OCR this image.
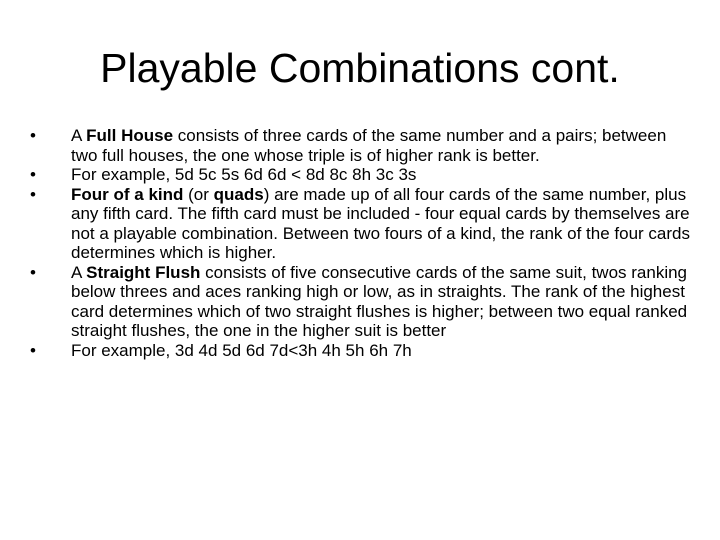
Playable Combinations cont.
•	A Full House consists of three cards of the same number and a pairs; between two full houses, the one whose triple is of higher rank is better.
•	For example, 5d 5c 5s 6d 6d < 8d 8c 8h 3c 3s
•	Four of a kind (or quads) are made up of all four cards of the same number, plus any fifth card. The fifth card must be included - four equal cards by themselves are not a playable combination. Between two fours of a kind, the rank of the four cards determines which is higher.
•	A Straight Flush consists of five consecutive cards of the same suit, twos ranking below threes and aces ranking high or low, as in straights. The rank of the highest card determines which of two straight flushes is higher; between two equal ranked straight flushes, the one in the higher suit is better
•	For example, 3d 4d 5d 6d 7d<3h 4h 5h 6h 7h
